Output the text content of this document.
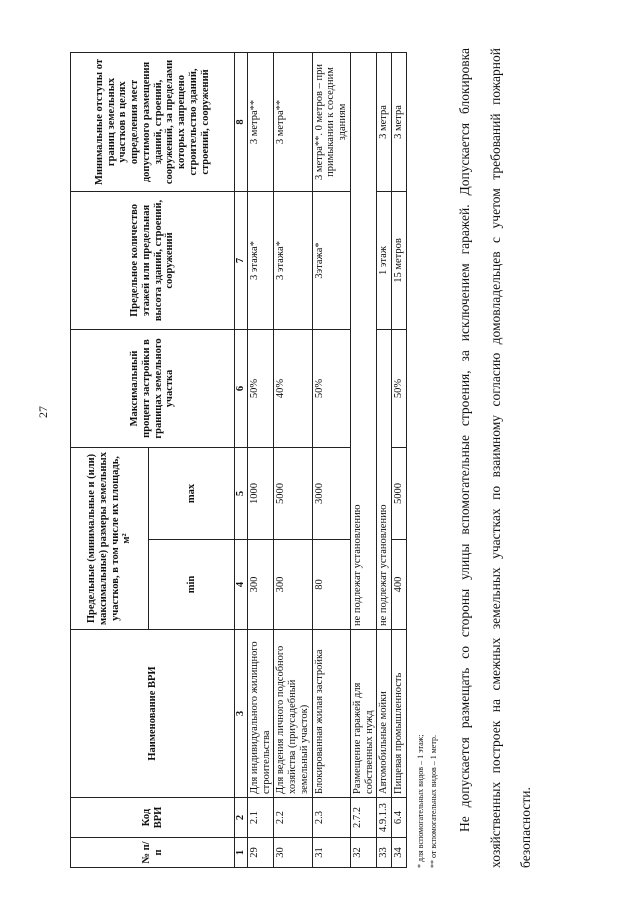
27
№ п/п	Код ВРИ	Наименование ВРИ	Предельные (минимальные и (или) максимальные) размеры земельных участков, в том числе их площадь, м²		Максимальный процент застройки в границах земельного участка	Предельное количество этажей или предельная высота зданий, строений, сооружений	Минимальные отступы от границ земельных участков в целях определения мест допустимого размещения зданий, строений, сооружений, за пределами которых запрещено строительство зданий, строений, сооружений
			min	max			
1	2	3	4	5	6	7	8
29	2.1	Для индивидуального жилищного строительства	300	1000	50%	3 этажа*	3 метра**
30	2.2	Для ведения личного подсобного хозяйства (приусадебный земельный участок)	300	5000	40%	3 этажа*	3 метра**
31	2.3	Блокированная жилая застройка	80	3000	50%	3этажа*	3 метра**. 0 метров – при примыкании к соседним зданиям
32	2.7.2	Размещение гаражей для собственных нужд	не подлежат установлению				
33	4.9.1.3	Автомобильные мойки	не подлежат установлению			1 этаж	3 метра
34	6.4	Пищевая промышленность	400	5000	50%	15 метров	3 метра
* для вспомогательных видов – 1 этаж; ** от вспомогательных видов – 1 метр.	Не допускается размещать со стороны улицы вспомогательные строения, за исключением гаражей. Допускается блокировка хозяйственных построек на смежных земельных участках по взаимному согласию домовладельцев с учетом требований пожарной безопасности.
